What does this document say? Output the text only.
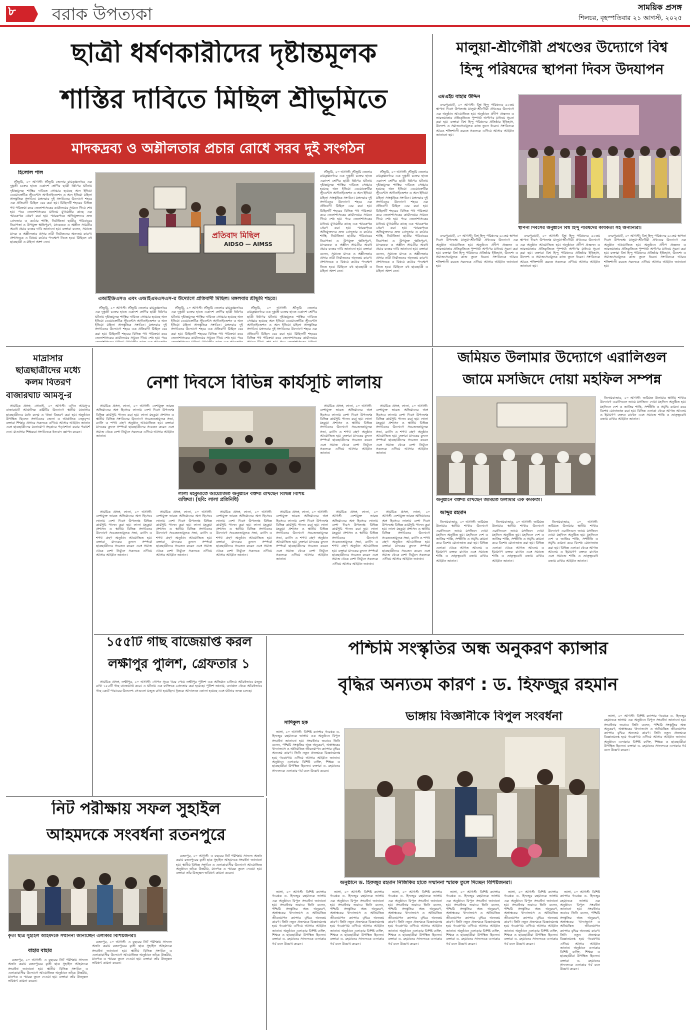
৮ বরাক উপত্যকা	সাময়িক প্রসঙ্গ
শিলচর, বৃহস্পতিবার ২১ আগস্ট, ২০২৫
ছাত্রী ধর্ষণকারীদের দৃষ্টান্তমূলক
শাস্তির দাবিতে মিছিল শ্রীভূমিতে
মাদকদ্রব্য ও অশ্লীলতার প্রচার রোধে সরব দুই সংগঠন
হিলোল পাল

শ্রীভূমি, ২০ আগস্ট: শ্রীভূমি জেলার রামকৃষ্ণনগরে এক দুষ্কৃতী চক্রের হাতে একাদশ শ্রেণির ছাত্রী ধর্ষণের ঘটনায় দৃষ্টান্তমূলক শাস্তির দাবিতে সোচ্চার হয়েছে অল ইন্ডিয়া ডেমোক্রেটিক স্টুডেন্টস অর্গানাইজেশন ও অল ইন্ডিয়া মহিলা সাংস্কৃতিক সংগঠন। মঙ্গলবার দুই সংগঠনের উদ্যোগে শহরে এক প্রতিবাদী মিছিল বের করা হয়। মিছিলটি শহরের বিভিন্ন পথ পরিক্রমা করে জেলাশাসকের কার্যালয়ের সামনে গিয়ে শেষ হয়। পরে জেলাশাসকের মাধ্যমে মুখ্যমন্ত্রীর কাছে এক স্মারকপত্র প্রেরণ করা হয়। স্মারকপত্রে অভিযুক্তদের দ্রুত গ্রেফতার ও কঠোর শাস্তি, নির্যাতিতা ছাত্রীর পরিবারের নিরাপত্তা ও উপযুক্ত ক্ষতিপূরণ, মাদকদ্রব্য ও অশ্লীল সামগ্রীর অবাধ প্রচার বন্ধের দাবি জানানো হয়। বক্তারা বলেন, সমাজে মাদক ও অশ্লীলতার প্রসার নারী নির্যাতনের অন্যতম কারণ। প্রশাসনকে এ বিষয়ে কঠোর পদক্ষেপ নিতে হবে। মিছিলে বহু ছাত্রছাত্রী ও মহিলা অংশ নেন।

প্রতিবাদ মিছিল
AIDSO — AIMSS
এআইডিএসও এবং এআইএমএসএস-র উদ্যোগে প্রতিবাদী মিছিল। মঙ্গলবার শ্রীভূমি শহরে।

শ্রীভূমি, ২০ আগস্ট: শ্রীভূমি জেলার রামকৃষ্ণনগরে এক দুষ্কৃতী চক্রের হাতে একাদশ শ্রেণির ছাত্রী ধর্ষণের ঘটনায় দৃষ্টান্তমূলক শাস্তির দাবিতে সোচ্চার হয়েছে অল ইন্ডিয়া ডেমোক্রেটিক স্টুডেন্টস অর্গানাইজেশন ও অল ইন্ডিয়া মহিলা সাংস্কৃতিক সংগঠন। মঙ্গলবার দুই সংগঠনের উদ্যোগে শহরে এক প্রতিবাদী মিছিল বের করা হয়। মিছিলটি শহরের বিভিন্ন পথ পরিক্রমা করে জেলাশাসকের কার্যালয়ের সামনে গিয়ে শেষ হয়। পরে

শ্রীভূমি, ২০ আগস্ট: শ্রীভূমি জেলার রামকৃষ্ণনগরে এক দুষ্কৃতী চক্রের হাতে একাদশ শ্রেণির ছাত্রী ধর্ষণের ঘটনায় দৃষ্টান্তমূলক শাস্তির দাবিতে সোচ্চার হয়েছে অল ইন্ডিয়া ডেমোক্রেটিক স্টুডেন্টস অর্গানাইজেশন ও অল ইন্ডিয়া মহিলা সাংস্কৃতিক সংগঠন। মঙ্গলবার দুই সংগঠনের উদ্যোগে শহরে এক প্রতিবাদী মিছিল বের করা হয়। মিছিলটি শহরের বিভিন্ন পথ পরিক্রমা করে জেলাশাসকের কার্যালয়ের সামনে গিয়ে শেষ হয়। পরে

শ্রীভূমি, ২০ আগস্ট: শ্রীভূমি জেলার রামকৃষ্ণনগরে এক দুষ্কৃতী চক্রের হাতে একাদশ শ্রেণির ছাত্রী ধর্ষণের ঘটনায় দৃষ্টান্তমূলক শাস্তির দাবিতে সোচ্চার হয়েছে অল ইন্ডিয়া ডেমোক্রেটিক স্টুডেন্টস অর্গানাইজেশন ও অল ইন্ডিয়া মহিলা সাংস্কৃতিক সংগঠন। মঙ্গলবার দুই সংগঠনের উদ্যোগে শহরে এক প্রতিবাদী মিছিল বের করা হয়। মিছিলটি শহরের বিভিন্ন পথ পরিক্রমা করে জেলাশাসকের কার্যালয়ের

শ্রীভূমি, ২০ আগস্ট: শ্রীভূমি জেলার রামকৃষ্ণনগরে এক দুষ্কৃতী চক্রের হাতে একাদশ শ্রেণির ছাত্রী ধর্ষণের ঘটনায় দৃষ্টান্তমূলক শাস্তির দাবিতে সোচ্চার হয়েছে অল ইন্ডিয়া ডেমোক্রেটিক স্টুডেন্টস অর্গানাইজেশন ও অল ইন্ডিয়া মহিলা সাংস্কৃতিক সংগঠন। মঙ্গলবার দুই সংগঠনের উদ্যোগে শহরে এক প্রতিবাদী মিছিল বের করা হয়। মিছিলটি শহরের বিভিন্ন পথ পরিক্রমা করে জেলাশাসকের কার্যালয়ের সামনে গিয়ে শেষ হয়। পরে জেলাশাসকের মাধ্যমে মুখ্যমন্ত্রীর কাছে এক স্মারকপত্র প্রেরণ করা হয়। স্মারকপত্রে অভিযুক্তদের দ্রুত গ্রেফতার ও কঠোর শাস্তি, নির্যাতিতা ছাত্রীর পরিবারের নিরাপত্তা ও উপযুক্ত ক্ষতিপূরণ, মাদকদ্রব্য ও অশ্লীল সামগ্রীর অবাধ প্রচার বন্ধের দাবি জানানো হয়। বক্তারা বলেন, সমাজে মাদক ও অশ্লীলতার প্রসার নারী নির্যাতনের অন্যতম কারণ। প্রশাসনকে এ বিষয়ে কঠোর পদক্ষেপ নিতে হবে। মিছিলে বহু ছাত্রছাত্রী ও মহিলা অংশ নেন।

শ্রীভূমি, ২০ আগস্ট: শ্রীভূমি জেলার রামকৃষ্ণনগরে এক দুষ্কৃতী চক্রের হাতে একাদশ শ্রেণির ছাত্রী ধর্ষণের ঘটনায় দৃষ্টান্তমূলক শাস্তির দাবিতে সোচ্চার হয়েছে অল ইন্ডিয়া ডেমোক্রেটিক স্টুডেন্টস অর্গানাইজেশন ও অল ইন্ডিয়া মহিলা সাংস্কৃতিক সংগঠন। মঙ্গলবার দুই সংগঠনের উদ্যোগে শহরে এক প্রতিবাদী মিছিল বের করা হয়। মিছিলটি শহরের বিভিন্ন পথ পরিক্রমা করে জেলাশাসকের কার্যালয়ের সামনে গিয়ে শেষ হয়। পরে জেলাশাসকের মাধ্যমে মুখ্যমন্ত্রীর কাছে এক স্মারকপত্র প্রেরণ করা হয়। স্মারকপত্রে অভিযুক্তদের দ্রুত গ্রেফতার ও কঠোর শাস্তি, নির্যাতিতা ছাত্রীর পরিবারের নিরাপত্তা ও উপযুক্ত ক্ষতিপূরণ, মাদকদ্রব্য ও অশ্লীল সামগ্রীর অবাধ প্রচার বন্ধের দাবি জানানো হয়। বক্তারা বলেন, সমাজে মাদক ও অশ্লীলতার প্রসার নারী নির্যাতনের অন্যতম কারণ। প্রশাসনকে এ বিষয়ে কঠোর পদক্ষেপ নিতে হবে। মিছিলে বহু ছাত্রছাত্রী ও মহিলা অংশ নেন।

মালুয়া-শ্রীগৌরী প্রখণ্ডের উদ্যোগে বিশ্ব
হিন্দু পরিষদের স্থাপনা দিবস উদযাপন
এমএইচ বাহার উদ্দিন

বদরপুরঘাট, ২০ আগস্ট: বিশ্ব হিন্দু পরিষদের ৬১তম স্থাপনা দিবস উপলক্ষে মালুয়া-শ্রীগৌরী প্রখণ্ডের উদ্যোগে এক অনুষ্ঠান আয়োজিত হয়। অনুষ্ঠানে প্রদীপ প্রজ্বলন ও ভারতমাতার প্রতিকৃতিতে পুষ্পার্ঘ্য অর্পণের মাধ্যমে সূচনা করা হয়। বক্তারা বিশ্ব হিন্দু পরিষদের প্রতিষ্ঠার ইতিহাস, উদ্দেশ্য ও সমাজসেবামূলক কাজ তুলে ধরেন। সংগঠনকে আরও শক্তিশালী করতে সকলকে এগিয়ে আসার আহ্বান জানানো হয়।

স্থাপনা দিবসের অনুষ্ঠানে বিশ্ব হিন্দু পরিষদের কার্যকর্তা সহ অন্যান্যরা।

বদরপুরঘাট, ২০ আগস্ট: বিশ্ব হিন্দু পরিষদের ৬১তম স্থাপনা দিবস উপলক্ষে মালুয়া-শ্রীগৌরী প্রখণ্ডের উদ্যোগে এক অনুষ্ঠান আয়োজিত হয়। অনুষ্ঠানে প্রদীপ প্রজ্বলন ও ভারতমাতার প্রতিকৃতিতে পুষ্পার্ঘ্য অর্পণের মাধ্যমে সূচনা করা হয়। বক্তারা বিশ্ব হিন্দু পরিষদের প্রতিষ্ঠার ইতিহাস, উদ্দেশ্য ও সমাজসেবামূলক কাজ তুলে ধরেন। সংগঠনকে আরও শক্তিশালী করতে সকলকে এগিয়ে আসার আহ্বান জানানো হয়।

বদরপুরঘাট, ২০ আগস্ট: বিশ্ব হিন্দু পরিষদের ৬১তম স্থাপনা দিবস উপলক্ষে মালুয়া-শ্রীগৌরী প্রখণ্ডের উদ্যোগে এক অনুষ্ঠান আয়োজিত হয়। অনুষ্ঠানে প্রদীপ প্রজ্বলন ও ভারতমাতার প্রতিকৃতিতে পুষ্পার্ঘ্য অর্পণের মাধ্যমে সূচনা করা হয়। বক্তারা বিশ্ব হিন্দু পরিষদের প্রতিষ্ঠার ইতিহাস, উদ্দেশ্য ও সমাজসেবামূলক কাজ তুলে ধরেন। সংগঠনকে আরও শক্তিশালী করতে সকলকে এগিয়ে আসার আহ্বান জানানো হয়।

বদরপুরঘাট, ২০ আগস্ট: বিশ্ব হিন্দু পরিষদের ৬১তম স্থাপনা দিবস উপলক্ষে মালুয়া-শ্রীগৌরী প্রখণ্ডের উদ্যোগে এক অনুষ্ঠান আয়োজিত হয়। অনুষ্ঠানে প্রদীপ প্রজ্বলন ও ভারতমাতার প্রতিকৃতিতে পুষ্পার্ঘ্য অর্পণের মাধ্যমে সূচনা করা হয়। বক্তারা বিশ্ব হিন্দু পরিষদের প্রতিষ্ঠার ইতিহাস, উদ্দেশ্য ও সমাজসেবামূলক কাজ তুলে ধরেন। সংগঠনকে আরও শক্তিশালী করতে সকলকে এগিয়ে আসার আহ্বান জানানো হয়।

মাদ্রাসার
ছাত্রছাত্রীদের মধ্যে
কলম বিতরণ
বাজারঘাট আমসু-র

সাময়িক প্রসঙ্গ, সোনাই, ২০ আগস্ট: এদিন আমসু-র বাজারঘাট আঞ্চলিক কমিটির উদ্যোগে স্থানীয় মাদ্রাসার ছাত্রছাত্রীদের মধ্যে কলম ও খাতা বিতরণ করা হয়। অনুষ্ঠানে উপস্থিত ছিলেন সংগঠনের জেলা ও আঞ্চলিক নেতৃবৃন্দ। বক্তারা শিক্ষার প্রসারে সকলকে এগিয়ে আসার আহ্বান জানান এবং ছাত্রছাত্রীদের মনোযোগ সহকারে পড়াশোনা করার পরামর্শ দেন। মাদ্রাসার শিক্ষকরা সংগঠনকে ধন্যবাদ জ্ঞাপন করেন।

নেশা দিবসে বিভিন্ন কার্যসূচি লালায়

সাময়িক প্রসঙ্গ, লালা, ২০ আগস্ট: নেশামুক্ত ভারত অভিযানের অঙ্গ হিসেবে লালায় নেশা দিবস উপলক্ষে বিভিন্ন কার্যসূচি পালন করা হয়। লালা মহকুমা প্রশাসন ও স্থানীয় বিভিন্ন সংগঠনের উদ্যোগে সচেতনতামূলক সভা, র‍্যালি ও শপথ গ্রহণ অনুষ্ঠান আয়োজিত হয়। বক্তারা মাদকের কুফল সম্পর্কে ছাত্রছাত্রীদের সচেতন করেন এবং সমাজ থেকে নেশা নির্মূলে সকলকে এগিয়ে আসার আহ্বান জানান।

লালা মহকুমাতে আয়োজিত অনুষ্ঠানে বক্তব্য রাখছেন বিভিন্ন বিশিষ্ট ব্যক্তিরা। (ছবি: লালা প্রতিনিধি)

সাময়িক প্রসঙ্গ, লালা, ২০ আগস্ট: নেশামুক্ত ভারত অভিযানের অঙ্গ হিসেবে লালায় নেশা দিবস উপলক্ষে বিভিন্ন কার্যসূচি পালন করা হয়। লালা মহকুমা প্রশাসন ও স্থানীয় বিভিন্ন সংগঠনের উদ্যোগে সচেতনতামূলক সভা, র‍্যালি ও শপথ গ্রহণ অনুষ্ঠান আয়োজিত হয়। বক্তারা মাদকের কুফল সম্পর্কে ছাত্রছাত্রীদের সচেতন করেন এবং সমাজ থেকে নেশা নির্মূলে সকলকে এগিয়ে আসার আহ্বান জানান।

সাময়িক প্রসঙ্গ, লালা, ২০ আগস্ট: নেশামুক্ত ভারত অভিযানের অঙ্গ হিসেবে লালায় নেশা দিবস উপলক্ষে বিভিন্ন কার্যসূচি পালন করা হয়। লালা মহকুমা প্রশাসন ও স্থানীয় বিভিন্ন সংগঠনের উদ্যোগে সচেতনতামূলক সভা, র‍্যালি ও শপথ গ্রহণ অনুষ্ঠান আয়োজিত হয়। বক্তারা মাদকের কুফল সম্পর্কে ছাত্রছাত্রীদের সচেতন করেন এবং সমাজ থেকে নেশা নির্মূলে সকলকে এগিয়ে আসার আহ্বান জানান।

সাময়িক প্রসঙ্গ, লালা, ২০ আগস্ট: নেশামুক্ত ভারত অভিযানের অঙ্গ হিসেবে লালায় নেশা দিবস উপলক্ষে বিভিন্ন কার্যসূচি পালন করা হয়। লালা মহকুমা প্রশাসন ও স্থানীয় বিভিন্ন সংগঠনের উদ্যোগে সচেতনতামূলক সভা, র‍্যালি ও শপথ গ্রহণ অনুষ্ঠান আয়োজিত হয়। বক্তারা মাদকের কুফল সম্পর্কে ছাত্রছাত্রীদের সচেতন করেন এবং সমাজ থেকে নেশা নির্মূলে সকলকে এগিয়ে আসার আহ্বান জানান।

সাময়িক প্রসঙ্গ, লালা, ২০ আগস্ট: নেশামুক্ত ভারত অভিযানের অঙ্গ হিসেবে লালায় নেশা দিবস উপলক্ষে বিভিন্ন কার্যসূচি পালন করা হয়। লালা মহকুমা প্রশাসন ও স্থানীয় বিভিন্ন সংগঠনের উদ্যোগে সচেতনতামূলক সভা, র‍্যালি ও শপথ গ্রহণ অনুষ্ঠান আয়োজিত হয়। বক্তারা মাদকের কুফল সম্পর্কে ছাত্রছাত্রীদের সচেতন করেন এবং সমাজ থেকে নেশা নির্মূলে সকলকে এগিয়ে আসার আহ্বান জানান।

সাময়িক প্রসঙ্গ, লালা, ২০ আগস্ট: নেশামুক্ত ভারত অভিযানের অঙ্গ হিসেবে লালায় নেশা দিবস উপলক্ষে বিভিন্ন কার্যসূচি পালন করা হয়। লালা মহকুমা প্রশাসন ও স্থানীয় বিভিন্ন সংগঠনের উদ্যোগে সচেতনতামূলক সভা, র‍্যালি ও শপথ গ্রহণ অনুষ্ঠান আয়োজিত হয়। বক্তারা মাদকের কুফল সম্পর্কে ছাত্রছাত্রীদের সচেতন করেন এবং সমাজ থেকে নেশা নির্মূলে সকলকে এগিয়ে আসার আহ্বান জানান।

সাময়িক প্রসঙ্গ, লালা, ২০ আগস্ট: নেশামুক্ত ভারত অভিযানের অঙ্গ হিসেবে লালায় নেশা দিবস উপলক্ষে বিভিন্ন কার্যসূচি পালন করা হয়। লালা মহকুমা প্রশাসন ও স্থানীয় বিভিন্ন সংগঠনের উদ্যোগে সচেতনতামূলক সভা, র‍্যালি ও শপথ গ্রহণ অনুষ্ঠান আয়োজিত হয়। বক্তারা মাদকের কুফল সম্পর্কে ছাত্রছাত্রীদের সচেতন করেন এবং সমাজ থেকে নেশা নির্মূলে সকলকে এগিয়ে আসার আহ্বান জানান।

সাময়িক প্রসঙ্গ, লালা, ২০ আগস্ট: নেশামুক্ত ভারত অভিযানের অঙ্গ হিসেবে লালায় নেশা দিবস উপলক্ষে বিভিন্ন কার্যসূচি পালন করা হয়। লালা মহকুমা প্রশাসন ও স্থানীয় বিভিন্ন সংগঠনের উদ্যোগে সচেতনতামূলক সভা, র‍্যালি ও শপথ গ্রহণ অনুষ্ঠান আয়োজিত হয়। বক্তারা মাদকের কুফল সম্পর্কে ছাত্রছাত্রীদের সচেতন করেন এবং সমাজ থেকে নেশা নির্মূলে সকলকে এগিয়ে আসার আহ্বান জানান।

সাময়িক প্রসঙ্গ, লালা, ২০ আগস্ট: নেশামুক্ত ভারত অভিযানের অঙ্গ হিসেবে লালায় নেশা দিবস উপলক্ষে বিভিন্ন কার্যসূচি পালন করা হয়। লালা মহকুমা প্রশাসন ও স্থানীয় বিভিন্ন সংগঠনের উদ্যোগে সচেতনতামূলক সভা, র‍্যালি ও শপথ গ্রহণ অনুষ্ঠান আয়োজিত হয়। বক্তারা মাদকের কুফল সম্পর্কে ছাত্রছাত্রীদের সচেতন করেন এবং সমাজ থেকে নেশা নির্মূলে সকলকে এগিয়ে আসার আহ্বান জানান।

জমিয়ত উলামার উদ্যোগে এরালিগুল
জামে মসজিদে দোয়া মহফিল সম্পন্ন
অনুষ্ঠানে বক্তব্য রাখছেন জমিয়ত উলামার এক কর্মকর্তা।
আব্দুর রহমান

নিলামবাজার, ২০ আগস্ট: জমিয়ত উলামার স্থানীয় শাখার উদ্যোগে এরালিগুল জামে মসজিদে দোয়া মহফিল অনুষ্ঠিত হয়। মহফিলে দেশ ও জাতির শান্তি, সম্প্রীতি ও সমৃদ্ধি কামনা করে বিশেষ মোনাজাত করা হয়। বিভিন্ন এলাকা থেকে আগত আলেম ও ইমামগণ বক্তব্য রাখেন এবং সমাজে শান্তি ও ভ্রাতৃত্ববোধ বজায় রাখার আহ্বান জানান।

নিলামবাজার, ২০ আগস্ট: জমিয়ত উলামার স্থানীয় শাখার উদ্যোগে এরালিগুল জামে মসজিদে দোয়া মহফিল অনুষ্ঠিত হয়। মহফিলে দেশ ও জাতির শান্তি, সম্প্রীতি ও সমৃদ্ধি কামনা করে বিশেষ মোনাজাত করা হয়। বিভিন্ন এলাকা থেকে আগত আলেম ও ইমামগণ বক্তব্য রাখেন এবং সমাজে শান্তি ও ভ্রাতৃত্ববোধ বজায় রাখার আহ্বান জানান।

নিলামবাজার, ২০ আগস্ট: জমিয়ত উলামার স্থানীয় শাখার উদ্যোগে এরালিগুল জামে মসজিদে দোয়া মহফিল অনুষ্ঠিত হয়। মহফিলে দেশ ও জাতির শান্তি, সম্প্রীতি ও সমৃদ্ধি কামনা করে বিশেষ মোনাজাত করা হয়। বিভিন্ন এলাকা থেকে আগত আলেম ও ইমামগণ বক্তব্য রাখেন এবং সমাজে শান্তি ও ভ্রাতৃত্ববোধ বজায় রাখার আহ্বান জানান।

নিলামবাজার, ২০ আগস্ট: জমিয়ত উলামার স্থানীয় শাখার উদ্যোগে এরালিগুল জামে মসজিদে দোয়া মহফিল অনুষ্ঠিত হয়। মহফিলে দেশ ও জাতির শান্তি, সম্প্রীতি ও সমৃদ্ধি কামনা করে বিশেষ মোনাজাত করা হয়। বিভিন্ন এলাকা থেকে আগত আলেম ও ইমামগণ বক্তব্য রাখেন এবং সমাজে শান্তি ও ভ্রাতৃত্ববোধ বজায় রাখার আহ্বান জানান।

১৫৫টি গাছ বাজেয়াপ্ত করল
লক্ষীপুর পুলিশ, গ্রেফতার ১

সাময়িক প্রসঙ্গ, লক্ষীপুর, ২০ আগস্ট: গোপন সূত্রে খবর পেয়ে লক্ষীপুর পুলিশ এক অভিযান চালিয়ে অবৈধভাবে মজুত রাখা ১৫৫টি গাছ বাজেয়াপ্ত করে। এ ঘটনায় এক ব্যক্তিকে গ্রেফতার করা হয়েছে। পুলিশ জানায়, বনাঞ্চল থেকে অবৈধভাবে গাছ কেটে পাচারের উদ্দেশ্যে সেগুলো মজুত রাখা হয়েছিল। ধৃতকে আদালতে তোলা হয়েছে এবং ঘটনার তদন্ত চলছে।

পশ্চিমি সংস্কৃতির অন্ধ অনুকরণ ক্যান্সার
বৃদ্ধির অন্যতম কারণ : ড. হিফজুর রহমান
ভাঙ্গায় বিজ্ঞানীকে বিপুল সংবর্ধনা
সাদিকুল হক

ভাঙ্গা, ২০ আগস্ট: বিশিষ্ট ক্যান্সার গবেষক ড. হিফজুর রহমানকে ভাঙ্গায় এক অনুষ্ঠানে বিপুল সংবর্ধনা জানানো হয়। সংবর্ধনার জবাবে তিনি বলেন, পশ্চিমি সংস্কৃতির অন্ধ অনুকরণ, অস্বাস্থ্যকর খাদ্যাভ্যাস ও অনিয়ন্ত্রিত জীবনযাপন ক্যান্সার বৃদ্ধির অন্যতম কারণ। তিনি নতুন প্রজন্মকে বিজ্ঞানমনস্ক হয়ে গবেষণায় এগিয়ে আসার আহ্বান জানান। অনুষ্ঠানে এলাকার বিশিষ্ট ব্যক্তি, শিক্ষক ও ছাত্রছাত্রীরা উপস্থিত ছিলেন। বক্তারা ড. রহমানের সাফল্যকে এলাকার গর্ব বলে উল্লেখ করেন।

অনুষ্ঠানে ড. হিফজুর রহমান নিজিকির হাতে সম্মাননা স্মারক তুলে দিচ্ছেন বিশিষ্টজনরা।

ভাঙ্গা, ২০ আগস্ট: বিশিষ্ট ক্যান্সার গবেষক ড. হিফজুর রহমানকে ভাঙ্গায় এক অনুষ্ঠানে বিপুল সংবর্ধনা জানানো হয়। সংবর্ধনার জবাবে তিনি বলেন, পশ্চিমি সংস্কৃতির অন্ধ অনুকরণ, অস্বাস্থ্যকর খাদ্যাভ্যাস ও অনিয়ন্ত্রিত জীবনযাপন ক্যান্সার বৃদ্ধির অন্যতম কারণ। তিনি নতুন প্রজন্মকে বিজ্ঞানমনস্ক হয়ে গবেষণায় এগিয়ে আসার আহ্বান জানান। অনুষ্ঠানে এলাকার বিশিষ্ট ব্যক্তি, শিক্ষক ও ছাত্রছাত্রীরা উপস্থিত ছিলেন। বক্তারা ড. রহমানের সাফল্যকে এলাকার গর্ব বলে উল্লেখ করেন।

ভাঙ্গা, ২০ আগস্ট: বিশিষ্ট ক্যান্সার গবেষক ড. হিফজুর রহমানকে ভাঙ্গায় এক অনুষ্ঠানে বিপুল সংবর্ধনা জানানো হয়। সংবর্ধনার জবাবে তিনি বলেন, পশ্চিমি সংস্কৃতির অন্ধ অনুকরণ, অস্বাস্থ্যকর খাদ্যাভ্যাস ও অনিয়ন্ত্রিত জীবনযাপন ক্যান্সার বৃদ্ধির অন্যতম কারণ। তিনি নতুন প্রজন্মকে বিজ্ঞানমনস্ক হয়ে গবেষণায় এগিয়ে আসার আহ্বান জানান। অনুষ্ঠানে এলাকার বিশিষ্ট ব্যক্তি, শিক্ষক ও ছাত্রছাত্রীরা উপস্থিত ছিলেন। বক্তারা ড. রহমানের সাফল্যকে এলাকার গর্ব বলে উল্লেখ করেন।

ভাঙ্গা, ২০ আগস্ট: বিশিষ্ট ক্যান্সার গবেষক ড. হিফজুর রহমানকে ভাঙ্গায় এক অনুষ্ঠানে বিপুল সংবর্ধনা জানানো হয়। সংবর্ধনার জবাবে তিনি বলেন, পশ্চিমি সংস্কৃতির অন্ধ অনুকরণ, অস্বাস্থ্যকর খাদ্যাভ্যাস ও অনিয়ন্ত্রিত জীবনযাপন ক্যান্সার বৃদ্ধির অন্যতম কারণ। তিনি নতুন প্রজন্মকে বিজ্ঞানমনস্ক হয়ে গবেষণায় এগিয়ে আসার আহ্বান জানান। অনুষ্ঠানে এলাকার বিশিষ্ট ব্যক্তি, শিক্ষক ও ছাত্রছাত্রীরা উপস্থিত ছিলেন। বক্তারা ড. রহমানের সাফল্যকে এলাকার গর্ব বলে উল্লেখ করেন।

ভাঙ্গা, ২০ আগস্ট: বিশিষ্ট ক্যান্সার গবেষক ড. হিফজুর রহমানকে ভাঙ্গায় এক অনুষ্ঠানে বিপুল সংবর্ধনা জানানো হয়। সংবর্ধনার জবাবে তিনি বলেন, পশ্চিমি সংস্কৃতির অন্ধ অনুকরণ, অস্বাস্থ্যকর খাদ্যাভ্যাস ও অনিয়ন্ত্রিত জীবনযাপন ক্যান্সার বৃদ্ধির অন্যতম কারণ। তিনি নতুন প্রজন্মকে বিজ্ঞানমনস্ক হয়ে গবেষণায় এগিয়ে আসার আহ্বান জানান। অনুষ্ঠানে এলাকার বিশিষ্ট ব্যক্তি, শিক্ষক ও ছাত্রছাত্রীরা উপস্থিত ছিলেন। বক্তারা ড. রহমানের সাফল্যকে এলাকার গর্ব বলে উল্লেখ করেন।

ভাঙ্গা, ২০ আগস্ট: বিশিষ্ট ক্যান্সার গবেষক ড. হিফজুর রহমানকে ভাঙ্গায় এক অনুষ্ঠানে বিপুল সংবর্ধনা জানানো হয়। সংবর্ধনার জবাবে তিনি বলেন, পশ্চিমি সংস্কৃতির অন্ধ অনুকরণ, অস্বাস্থ্যকর খাদ্যাভ্যাস ও অনিয়ন্ত্রিত জীবনযাপন ক্যান্সার বৃদ্ধির অন্যতম কারণ। তিনি নতুন প্রজন্মকে বিজ্ঞানমনস্ক হয়ে গবেষণায় এগিয়ে আসার আহ্বান জানান। অনুষ্ঠানে এলাকার বিশিষ্ট ব্যক্তি, শিক্ষক ও ছাত্রছাত্রীরা উপস্থিত ছিলেন। বক্তারা ড. রহমানের সাফল্যকে এলাকার গর্ব বলে উল্লেখ করেন।

ভাঙ্গা, ২০ আগস্ট: বিশিষ্ট ক্যান্সার গবেষক ড. হিফজুর রহমানকে ভাঙ্গায় এক অনুষ্ঠানে বিপুল সংবর্ধনা জানানো হয়। সংবর্ধনার জবাবে তিনি বলেন, পশ্চিমি সংস্কৃতির অন্ধ অনুকরণ, অস্বাস্থ্যকর খাদ্যাভ্যাস ও অনিয়ন্ত্রিত জীবনযাপন ক্যান্সার বৃদ্ধির অন্যতম কারণ। তিনি নতুন প্রজন্মকে বিজ্ঞানমনস্ক হয়ে গবেষণায় এগিয়ে আসার আহ্বান জানান। অনুষ্ঠানে এলাকার বিশিষ্ট ব্যক্তি, শিক্ষক ও ছাত্রছাত্রীরা উপস্থিত ছিলেন। বক্তারা ড. রহমানের সাফল্যকে এলাকার গর্ব বলে উল্লেখ করেন।

ভাঙ্গা, ২০ আগস্ট: বিশিষ্ট ক্যান্সার গবেষক ড. হিফজুর রহমানকে ভাঙ্গায় এক অনুষ্ঠানে বিপুল সংবর্ধনা জানানো হয়। সংবর্ধনার জবাবে তিনি বলেন, পশ্চিমি সংস্কৃতির অন্ধ অনুকরণ, অস্বাস্থ্যকর খাদ্যাভ্যাস ও অনিয়ন্ত্রিত জীবনযাপন ক্যান্সার বৃদ্ধির অন্যতম কারণ। তিনি নতুন প্রজন্মকে বিজ্ঞানমনস্ক হয়ে গবেষণায় এগিয়ে আসার আহ্বান জানান। অনুষ্ঠানে এলাকার বিশিষ্ট ব্যক্তি, শিক্ষক ও ছাত্রছাত্রীরা উপস্থিত ছিলেন। বক্তারা ড. রহমানের সাফল্যকে এলাকার গর্ব বলে উল্লেখ করেন।

নিট পরীক্ষায় সফল সুহাইল
আহমদকে সংবর্ধনা রতনপুরে
কৃতী ছাত্র সুহাইল আহমদকে সম্মাননা জানাচ্ছেন এলাকার বিশিষ্টজনরা।
বাহার বাহার

রতনপুর, ২০ আগস্ট: এ বছরের নিট পরীক্ষায় সাফল্য অর্জন করায় রতনপুরের কৃতী ছাত্র সুহাইল আহমদকে সংবর্ধনা জানানো হয়। স্থানীয় বিভিন্ন সংগঠন ও এলাকাবাসীর উদ্যোগে আয়োজিত অনুষ্ঠানে তাঁকে উত্তরীয়, মানপত্র ও স্মারক তুলে দেওয়া হয়। বক্তারা তাঁর উজ্জ্বল ভবিষ্যৎ কামনা করেন।

রতনপুর, ২০ আগস্ট: এ বছরের নিট পরীক্ষায় সাফল্য অর্জন করায় রতনপুরের কৃতী ছাত্র সুহাইল আহমদকে সংবর্ধনা জানানো হয়। স্থানীয় বিভিন্ন সংগঠন ও এলাকাবাসীর উদ্যোগে আয়োজিত অনুষ্ঠানে তাঁকে উত্তরীয়, মানপত্র ও স্মারক তুলে দেওয়া হয়। বক্তারা তাঁর উজ্জ্বল ভবিষ্যৎ কামনা করেন।

রতনপুর, ২০ আগস্ট: এ বছরের নিট পরীক্ষায় সাফল্য অর্জন করায় রতনপুরের কৃতী ছাত্র সুহাইল আহমদকে সংবর্ধনা জানানো হয়। স্থানীয় বিভিন্ন সংগঠন ও এলাকাবাসীর উদ্যোগে আয়োজিত অনুষ্ঠানে তাঁকে উত্তরীয়, মানপত্র ও স্মারক তুলে দেওয়া হয়। বক্তারা তাঁর উজ্জ্বল ভবিষ্যৎ কামনা করেন।
